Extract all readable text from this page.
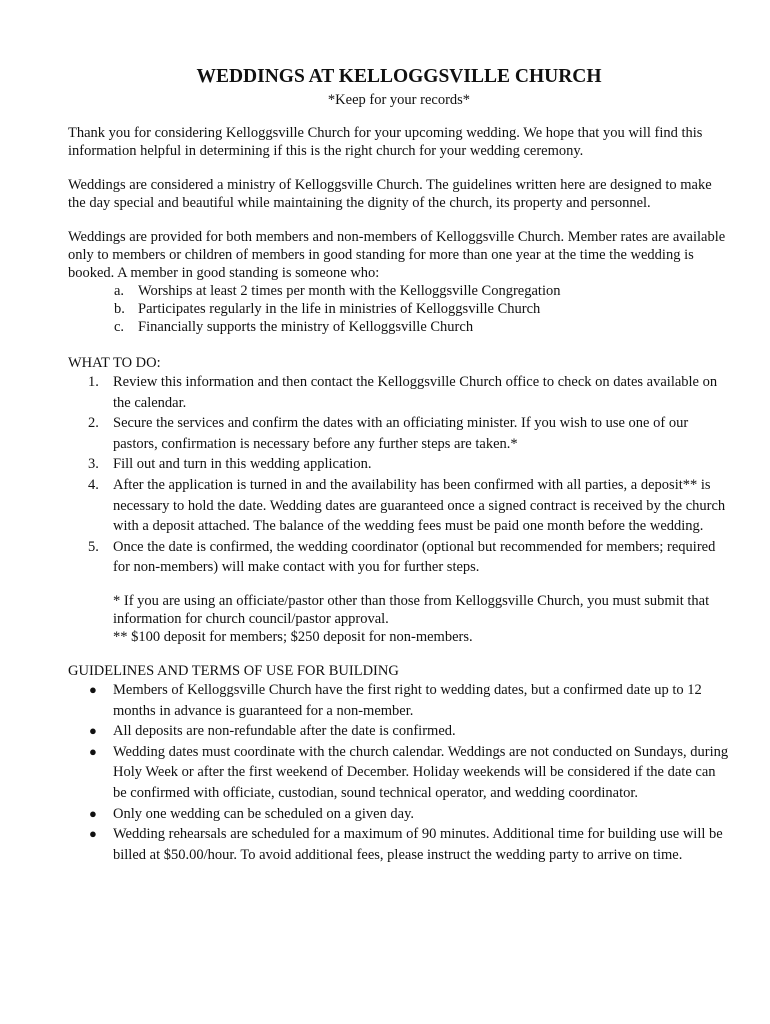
WEDDINGS AT KELLOGGSVILLE CHURCH
*Keep for your records*

Thank you for considering Kelloggsville Church for your upcoming wedding. We hope that you will find this information helpful in determining if this is the right church for your wedding ceremony.

Weddings are considered a ministry of Kelloggsville Church. The guidelines written here are designed to make the day special and beautiful while maintaining the dignity of the church, its property and personnel.

Weddings are provided for both members and non-members of Kelloggsville Church. Member rates are available only to members or children of members in good standing for more than one year at the time the wedding is booked. A member in good standing is someone who:

a. Worships at least 2 times per month with the Kelloggsville Congregation
b. Participates regularly in the life in ministries of Kelloggsville Church
c. Financially supports the ministry of Kelloggsville Church
WHAT TO DO:
1. Review this information and then contact the Kelloggsville Church office to check on dates available on the calendar.
2. Secure the services and confirm the dates with an officiating minister. If you wish to use one of our pastors, confirmation is necessary before any further steps are taken.*
3. Fill out and turn in this wedding application.
4. After the application is turned in and the availability has been confirmed with all parties, a deposit** is necessary to hold the date. Wedding dates are guaranteed once a signed contract is received by the church with a deposit attached. The balance of the wedding fees must be paid one month before the wedding.
5. Once the date is confirmed, the wedding coordinator (optional but recommended for members; required for non-members) will make contact with you for further steps.
* If you are using an officiate/pastor other than those from Kelloggsville Church, you must submit that information for church council/pastor approval.
** $100 deposit for members; $250 deposit for non-members.
GUIDELINES AND TERMS OF USE FOR BUILDING
● Members of Kelloggsville Church have the first right to wedding dates, but a confirmed date up to 12 months in advance is guaranteed for a non-member.
● All deposits are non-refundable after the date is confirmed.
● Wedding dates must coordinate with the church calendar. Weddings are not conducted on Sundays, during Holy Week or after the first weekend of December. Holiday weekends will be considered if the date can be confirmed with officiate, custodian, sound technical operator, and wedding coordinator.
● Only one wedding can be scheduled on a given day.
● Wedding rehearsals are scheduled for a maximum of 90 minutes. Additional time for building use will be billed at $50.00/hour. To avoid additional fees, please instruct the wedding party to arrive on time.
